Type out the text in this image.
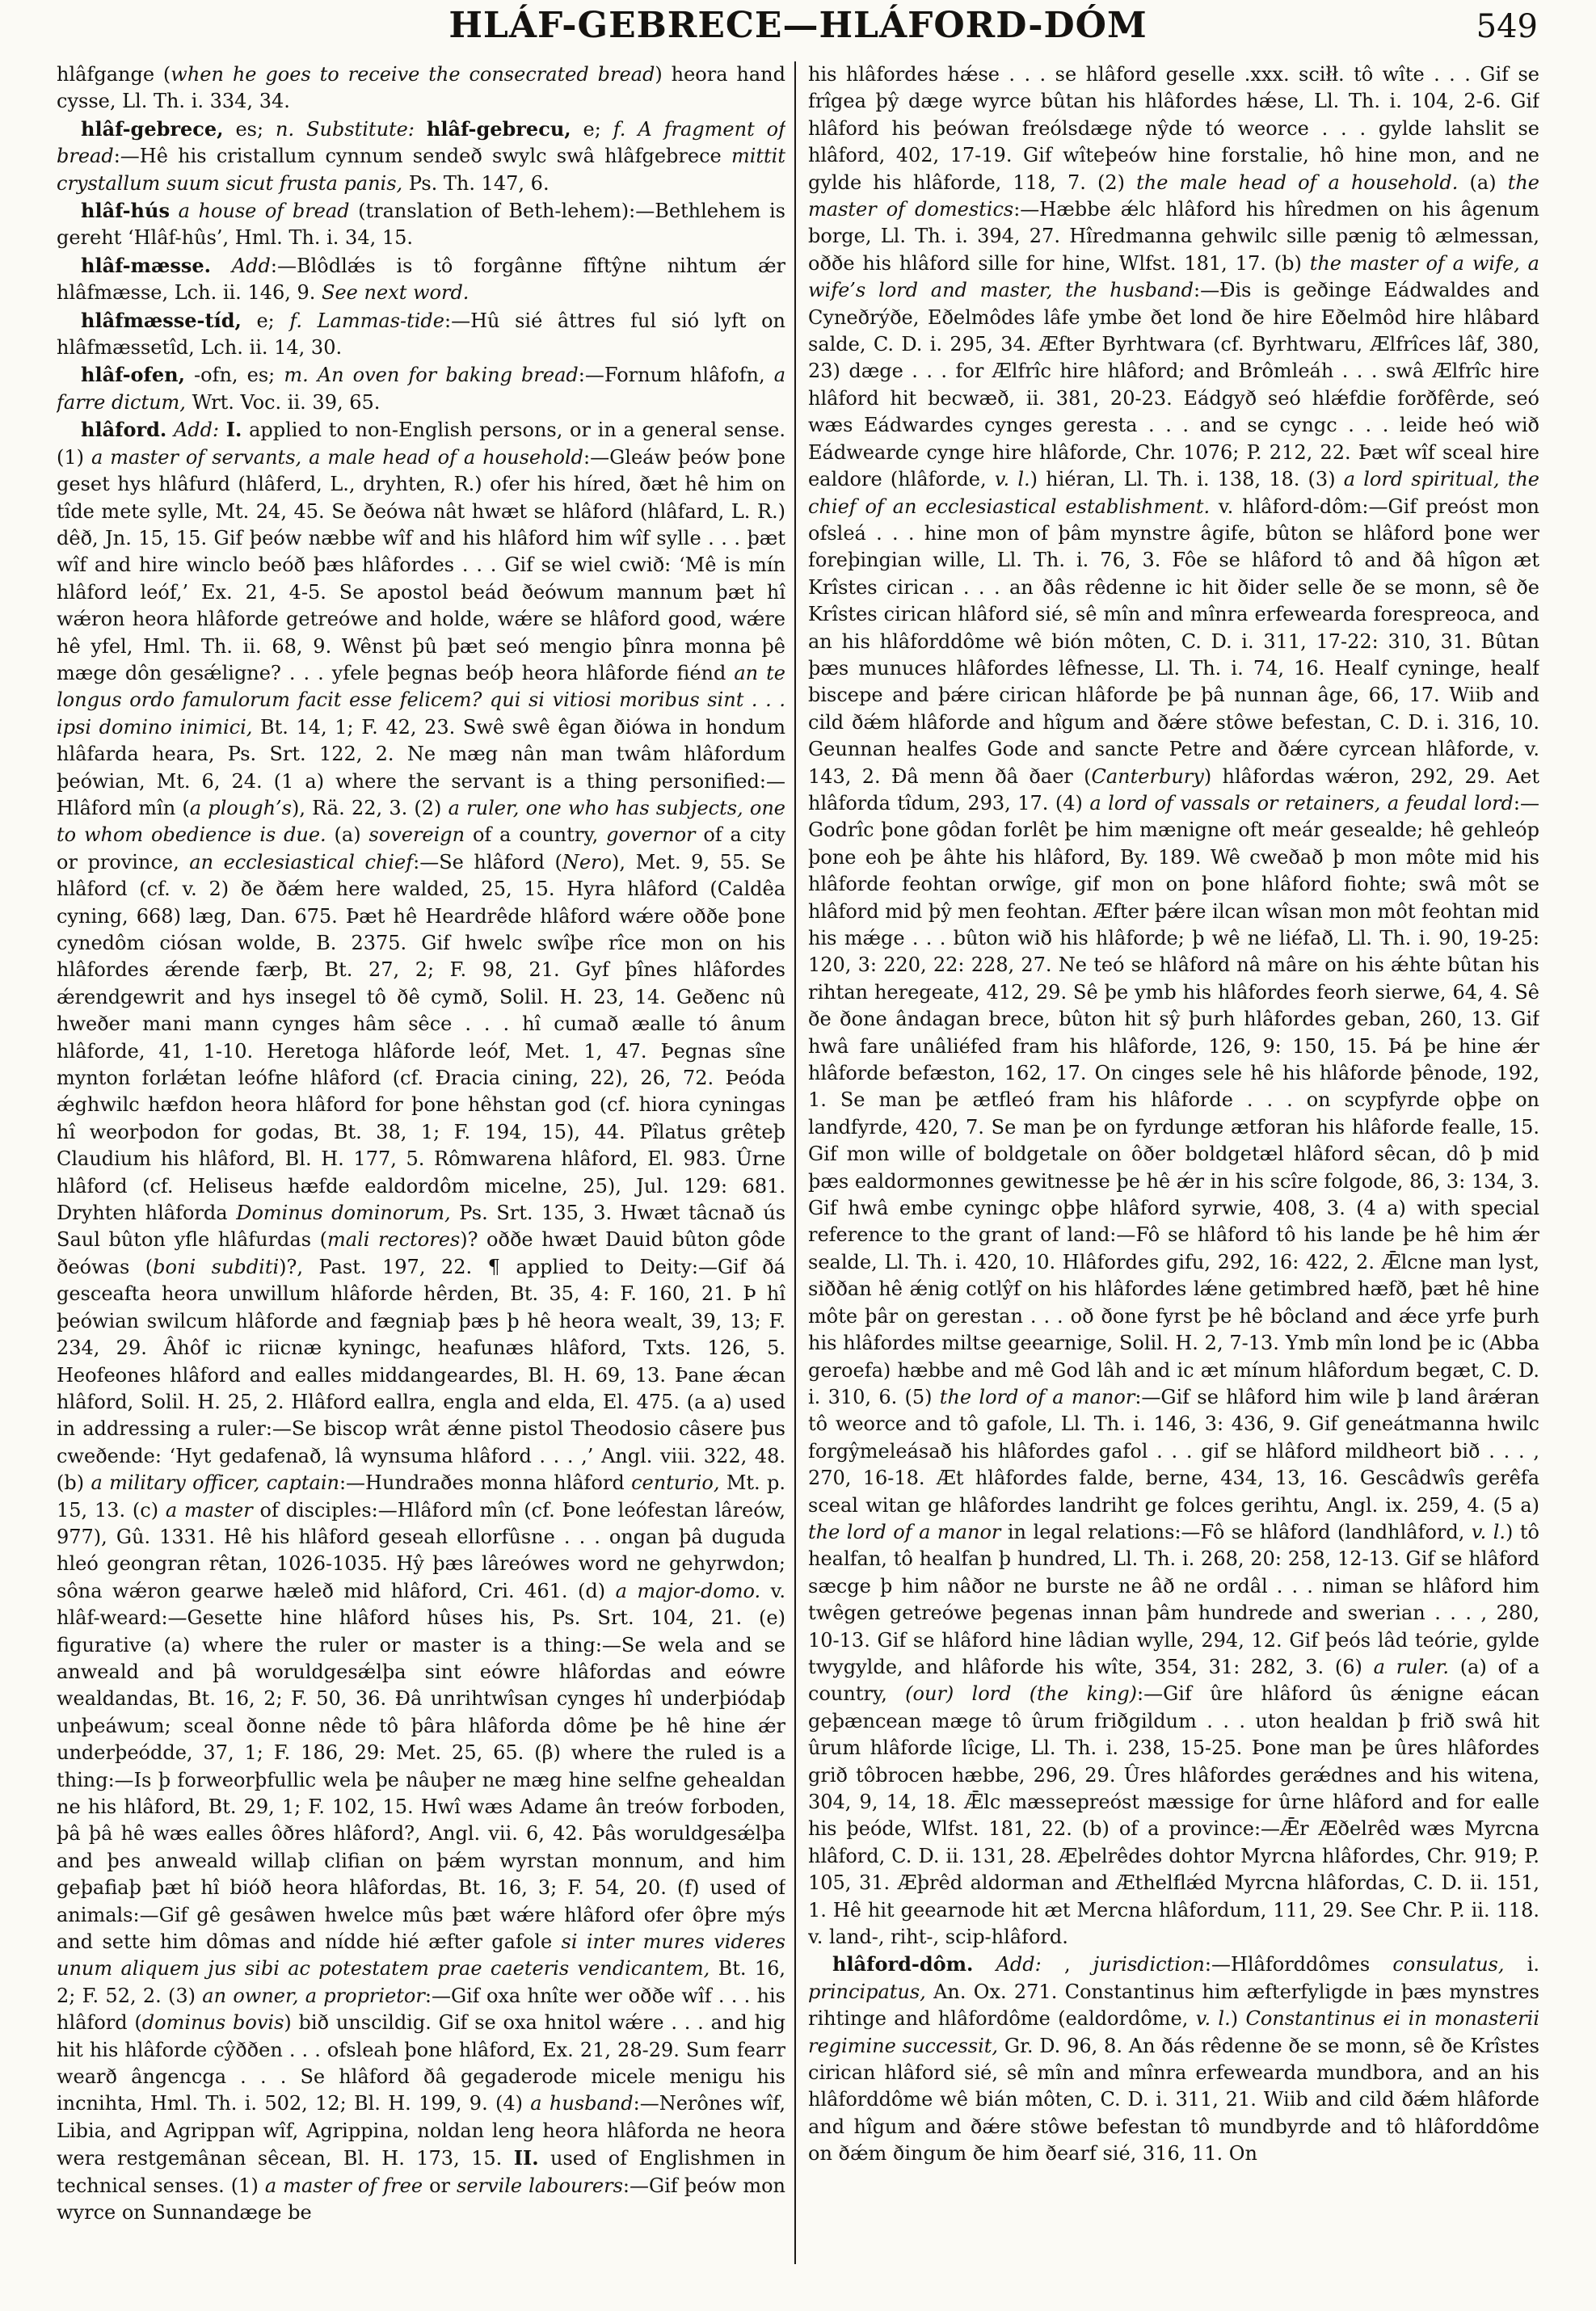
HLÁF-GEBRECE—HLÁFORD-DÓM	549

hlâfgange (when he goes to receive the consecrated bread) heora hand cysse, Ll. Th. i. 334, 34.

hlâf-gebrece, es; n. Substitute: hlâf-gebrecu, e; f. A fragment of bread:—Hê his cristallum cynnum sendeð swylc swâ hlâfgebrece mittit crystallum suum sicut frusta panis, Ps. Th. 147, 6.

hlâf-hús a house of bread (translation of Beth-lehem):—Bethlehem is gereht ‘Hlâf-hûs’, Hml. Th. i. 34, 15.

hlâf-mæsse. Add:—Blôdlǽs is tô forgânne fîftŷne nihtum ǽr hlâfmæsse, Lch. ii. 146, 9. See next word.

hlâfmæsse-tíd, e; f. Lammas-tide:—Hû sié âttres ful sió lyft on hlâfmæssetîd, Lch. ii. 14, 30.

hlâf-ofen, -ofn, es; m. An oven for baking bread:—Fornum hlâfofn, a farre dictum, Wrt. Voc. ii. 39, 65.

hlâford. Add: I. applied to non-English persons, or in a general sense. (1) a master of servants, a male head of a household:—Gleáw þeów þone geset hys hlâfurd (hlâferd, L., dryhten, R.) ofer his híred, ðæt hê him on tîde mete sylle, Mt. 24, 45. Se ðeówa nât hwæt se hlâford (hlâfard, L. R.) dêð, Jn. 15, 15. Gif þeów næbbe wîf and his hlâford him wîf sylle . . . þæt wîf and hire winclo beóð þæs hlâfordes . . . Gif se wiel cwið: ‘Mê is mín hlâford leóf,’ Ex. 21, 4-5. Se apostol beád ðeówum mannum þæt hî wǽron heora hlâforde getreówe and holde, wǽre se hlâford good, wǽre hê yfel, Hml. Th. ii. 68, 9. Wênst þû þæt seó mengio þînra monna þê mæge dôn gesǽligne? . . . yfele þegnas beóþ heora hlâforde fiénd an te longus ordo famulorum facit esse felicem? qui si vitiosi moribus sint . . . ipsi domino inimici, Bt. 14, 1; F. 42, 23. Swê swê êgan ðiówa in hondum hlâfarda heara, Ps. Srt. 122, 2. Ne mæg nân man twâm hlâfordum þeówian, Mt. 6, 24. (1 a) where the servant is a thing personified:—Hlâford mîn (a plough’s), Rä. 22, 3. (2) a ruler, one who has subjects, one to whom obedience is due. (a) sovereign of a country, governor of a city or province, an ecclesiastical chief:—Se hlâford (Nero), Met. 9, 55. Se hlâford (cf. v. 2) ðe ðǽm here walded, 25, 15. Hyra hlâford (Caldêa cyning, 668) læg, Dan. 675. Þæt hê Heardrêde hlâford wǽre oððe þone cynedôm ciósan wolde, B. 2375. Gif hwelc swîþe rîce mon on his hlâfordes ǽrende færþ, Bt. 27, 2; F. 98, 21. Gyf þînes hlâfordes ǽrendgewrit and hys insegel tô ðê cymð, Solil. H. 23, 14. Geðenc nû hweðer mani mann cynges hâm sêce . . . hî cumað æalle tó ânum hlâforde, 41, 1-10. Heretoga hlâforde leóf, Met. 1, 47. Þegnas sîne mynton forlǽtan leófne hlâford (cf. Ðracia cining, 22), 26, 72. Þeóda ǽghwilc hæfdon heora hlâford for þone hêhstan god (cf. hiora cyningas hî weorþodon for godas, Bt. 38, 1; F. 194, 15), 44. Pîlatus grêteþ Claudium his hlâford, Bl. H. 177, 5. Rômwarena hlâford, El. 983. Ûrne hlâford (cf. Heliseus hæfde ealdordôm micelne, 25), Jul. 129: 681. Dryhten hlâforda Dominus dominorum, Ps. Srt. 135, 3. Hwæt tâcnað ús Saul bûton yfle hlâfurdas (mali rectores)? oððe hwæt Dauid bûton gôde ðeówas (boni subditi)?, Past. 197, 22. ¶ applied to Deity:—Gif ðá gesceafta heora unwillum hlâforde hêrden, Bt. 35, 4: F. 160, 21. Þ hî þeówian swilcum hlâforde and fægniaþ þæs þ hê heora wealt, 39, 13; F. 234, 29. Âhôf ic riicnæ kyningc, heafunæs hlâford, Txts. 126, 5. Heofeones hlâford and ealles middangeardes, Bl. H. 69, 13. Þane ǽcan hlâford, Solil. H. 25, 2. Hlâford eallra, engla and elda, El. 475. (a a) used in addressing a ruler:—Se biscop wrât ǽnne pistol Theodosio câsere þus cweðende: ‘Hyt gedafenað, lâ wynsuma hlâford . . . ,’ Angl. viii. 322, 48. (b) a military officer, captain:—Hundraðes monna hlâford centurio, Mt. p. 15, 13. (c) a master of disciples:—Hlâford mîn (cf. Þone leófestan lâreów, 977), Gû. 1331. Hê his hlâford geseah ellorfûsne . . . ongan þâ duguda hleó geongran rêtan, 1026-1035. Hŷ þæs lâreówes word ne gehyrwdon; sôna wǽron gearwe hæleð mid hlâford, Cri. 461. (d) a major-domo. v. hlâf-weard:—Gesette hine hlâford hûses his, Ps. Srt. 104, 21. (e) figurative (a) where the ruler or master is a thing:—Se wela and se anweald and þâ woruldgesǽlþa sint eówre hlâfordas and eówre wealdandas, Bt. 16, 2; F. 50, 36. Ðâ unrihtwîsan cynges hî underþiódaþ unþeáwum; sceal ðonne nêde tô þâra hlâforda dôme þe hê hine ǽr underþeódde, 37, 1; F. 186, 29: Met. 25, 65. (β) where the ruled is a thing:—Is þ forweorþfullic wela þe nâuþer ne mæg hine selfne gehealdan ne his hlâford, Bt. 29, 1; F. 102, 15. Hwî wæs Adame ân treów forboden, þâ þâ hê wæs ealles ôðres hlâford?, Angl. vii. 6, 42. Þâs woruldgesǽlþa and þes anweald willaþ clifian on þǽm wyrstan monnum, and him geþafiaþ þæt hî bióð heora hlâfordas, Bt. 16, 3; F. 54, 20. (f) used of animals:—Gif gê gesâwen hwelce mûs þæt wǽre hlâford ofer ôþre mýs and sette him dômas and nídde hié æfter gafole si inter mures videres unum aliquem jus sibi ac potestatem prae caeteris vendicantem, Bt. 16, 2; F. 52, 2. (3) an owner, a proprietor:—Gif oxa hnîte wer oððe wîf . . . his hlâford (dominus bovis) bið unscildig. Gif se oxa hnitol wǽre . . . and hig hit his hlâforde cŷððen . . . ofsleah þone hlâford, Ex. 21, 28-29. Sum fearr wearð ângencga . . . Se hlâford ðâ gegaderode micele menigu his incnihta, Hml. Th. i. 502, 12; Bl. H. 199, 9. (4) a husband:—Nerônes wîf, Libia, and Agrippan wîf, Agrippina, noldan leng heora hlâforda ne heora wera restgemânan sêcean, Bl. H. 173, 15. II. used of Englishmen in technical senses. (1) a master of free or servile labourers:—Gif þeów mon wyrce on Sunnandæge be

his hlâfordes hǽse . . . se hlâford geselle .xxx. sciłł. tô wîte . . . Gif se frîgea þŷ dæge wyrce bûtan his hlâfordes hǽse, Ll. Th. i. 104, 2-6. Gif hlâford his þeówan freólsdæge nŷde tó weorce . . . gylde lahslit se hlâford, 402, 17-19. Gif wîteþeów hine forstalie, hô hine mon, and ne gylde his hlâforde, 118, 7. (2) the male head of a household. (a) the master of domestics:—Hæbbe ǽlc hlâford his hîredmen on his âgenum borge, Ll. Th. i. 394, 27. Hîredmanna gehwilc sille pænig tô ælmessan, oððe his hlâford sille for hine, Wlfst. 181, 17. (b) the master of a wife, a wife’s lord and master, the husband:—Ðis is geðinge Eádwaldes and Cyneðrýðe, Eðelmôdes lâfe ymbe ðet lond ðe hire Eðelmôd hire hlâbard salde, C. D. i. 295, 34. Æfter Byrhtwara (cf. Byrhtwaru, Ælfrîces lâf, 380, 23) dæge . . . for Ælfrîc hire hlâford; and Brômleáh . . . swâ Ælfrîc hire hlâford hit becwæð, ii. 381, 20-23. Eádgyð seó hlǽfdie forðfêrde, seó wæs Eádwardes cynges geresta . . . and se cyngc . . . leide heó wið Eádwearde cynge hire hlâforde, Chr. 1076; P. 212, 22. Þæt wîf sceal hire ealdore (hlâforde, v. l.) hiéran, Ll. Th. i. 138, 18. (3) a lord spiritual, the chief of an ecclesiastical establishment. v. hlâford-dôm:—Gif preóst mon ofsleá . . . hine mon of þâm mynstre âgife, bûton se hlâford þone wer foreþingian wille, Ll. Th. i. 76, 3. Fôe se hlâford tô and ðâ hîgon æt Krîstes cirican . . . an ðâs rêdenne ic hit ðider selle ðe se monn, sê ðe Krîstes cirican hlâford sié, sê mîn and mînra erfewearda forespreoca, and an his hlâforddôme wê bión môten, C. D. i. 311, 17-22: 310, 31. Bûtan þæs munuces hlâfordes lêfnesse, Ll. Th. i. 74, 16. Healf cyninge, healf biscepe and þǽre cirican hlâforde þe þâ nunnan âge, 66, 17. Wiib and cild ðǽm hlâforde and hîgum and ðǽre stôwe befestan, C. D. i. 316, 10. Geunnan healfes Gode and sancte Petre and ðǽre cyrcean hlâforde, v. 143, 2. Ðâ menn ðâ ðaer (Canterbury) hlâfordas wǽron, 292, 29. Aet hlâforda tîdum, 293, 17. (4) a lord of vassals or retainers, a feudal lord:—Godrîc þone gôdan forlêt þe him mænigne oft meár gesealde; hê gehleóp þone eoh þe âhte his hlâford, By. 189. Wê cweðað þ mon môte mid his hlâforde feohtan orwîge, gif mon on þone hlâford fiohte; swâ môt se hlâford mid þŷ men feohtan. Æfter þǽre ilcan wîsan mon môt feohtan mid his mǽge . . . bûton wið his hlâforde; þ wê ne liéfað, Ll. Th. i. 90, 19-25: 120, 3: 220, 22: 228, 27. Ne teó se hlâford nâ mâre on his ǽhte bûtan his rihtan heregeate, 412, 29. Sê þe ymb his hlâfordes feorh sierwe, 64, 4. Sê ðe ðone ândagan brece, bûton hit sŷ þurh hlâfordes geban, 260, 13. Gif hwâ fare unâliéfed fram his hlâforde, 126, 9: 150, 15. Þá þe hine ǽr hlâforde befæston, 162, 17. On cinges sele hê his hlâforde þênode, 192, 1. Se man þe ætfleó fram his hlâforde . . . on scypfyrde oþþe on landfyrde, 420, 7. Se man þe on fyrdunge ætforan his hlâforde fealle, 15. Gif mon wille of boldgetale on ôðer boldgetæl hlâford sêcan, dô þ mid þæs ealdormonnes gewitnesse þe hê ǽr in his scîre folgode, 86, 3: 134, 3. Gif hwâ embe cyningc oþþe hlâford syrwie, 408, 3. (4 a) with special reference to the grant of land:—Fô se hlâford tô his lande þe hê him ǽr sealde, Ll. Th. i. 420, 10. Hlâfordes gifu, 292, 16: 422, 2. Ǣlcne man lyst, siððan hê ǽnig cotlŷf on his hlâfordes lǽne getimbred hæfð, þæt hê hine môte þâr on gerestan . . . oð ðone fyrst þe hê bôcland and ǽce yrfe þurh his hlâfordes miltse geearnige, Solil. H. 2, 7-13. Ymb mîn lond þe ic (Abba geroefa) hæbbe and mê God lâh and ic æt mínum hlâfordum begæt, C. D. i. 310, 6. (5) the lord of a manor:—Gif se hlâford him wile þ land ârǽran tô weorce and tô gafole, Ll. Th. i. 146, 3: 436, 9. Gif geneátmanna hwilc forgŷmeleásað his hlâfordes gafol . . . gif se hlâford mildheort bið . . . , 270, 16-18. Æt hlâfordes falde, berne, 434, 13, 16. Gescâdwîs gerêfa sceal witan ge hlâfordes landriht ge folces gerihtu, Angl. ix. 259, 4. (5 a) the lord of a manor in legal relations:—Fô se hlâford (landhlâford, v. l.) tô healfan, tô healfan þ hundred, Ll. Th. i. 268, 20: 258, 12-13. Gif se hlâford sæcge þ him nâðor ne burste ne âð ne ordâl . . . niman se hlâford him twêgen getreówe þegenas innan þâm hundrede and swerian . . . , 280, 10-13. Gif se hlâford hine lâdian wylle, 294, 12. Gif þeós lâd teórie, gylde twygylde, and hlâforde his wîte, 354, 31: 282, 3. (6) a ruler. (a) of a country, (our) lord (the king):—Gif ûre hlâford ûs ǽnigne eácan geþæncean mæge tô ûrum friðgildum . . . uton healdan þ frið swâ hit ûrum hlâforde lîcige, Ll. Th. i. 238, 15-25. Þone man þe ûres hlâfordes grið tôbrocen hæbbe, 296, 29. Ûres hlâfordes gerǽdnes and his witena, 304, 9, 14, 18. Ǣlc mæssepreóst mæssige for ûrne hlâford and for ealle his þeóde, Wlfst. 181, 22. (b) of a province:—Ǣr Æðelrêd wæs Myrcna hlâford, C. D. ii. 131, 28. Æþelrêdes dohtor Myrcna hlâfordes, Chr. 919; P. 105, 31. Æþrêd aldorman and Æthelflǽd Myrcna hlâfordas, C. D. ii. 151, 1. Hê hit geearnode hit æt Mercna hlâfordum, 111, 29. See Chr. P. ii. 118. v. land-, riht-, scip-hlâford.

hlâford-dôm. Add: , jurisdiction:—Hlâforddômes consulatus, i. principatus, An. Ox. 271. Constantinus him æfterfyligde in þæs mynstres rihtinge and hlâfordôme (ealdordôme, v. l.) Constantinus ei in monasterii regimine successit, Gr. D. 96, 8. An ðás rêdenne ðe se monn, sê ðe Krîstes cirican hlâford sié, sê mîn and mînra erfewearda mundbora, and an his hlâforddôme wê bián môten, C. D. i. 311, 21. Wiib and cild ðǽm hlâforde and hîgum and ðǽre stôwe befestan tô mundbyrde and tô hlâforddôme on ðǽm ðingum ðe him ðearf sié, 316, 11. On
